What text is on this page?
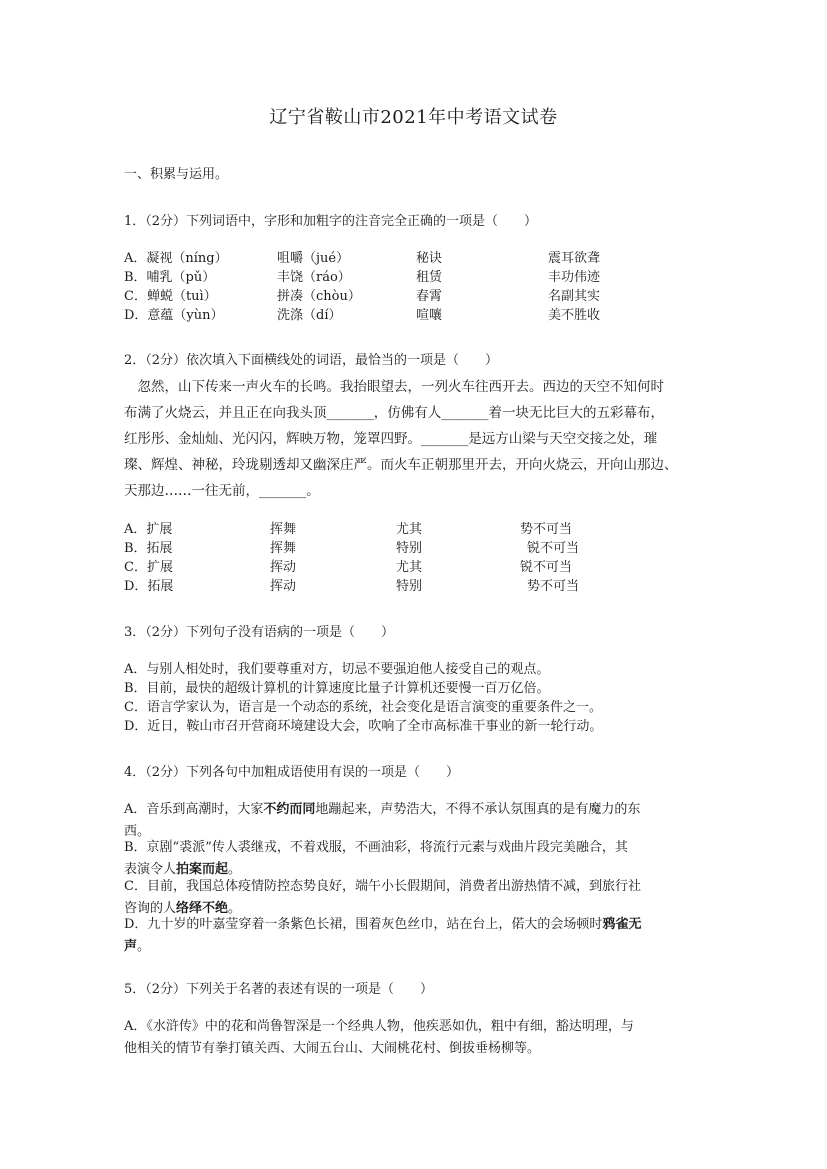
辽宁省鞍山市2021年中考语文试卷
一、积累与运用。
1．（2分）下列词语中，字形和加粗字的注音完全正确的一项是（　　）
A．凝视（níng）	咀嚼（jué）	秘诀	震耳欲聋
B．哺乳（pǔ）	丰饶（ráo）	租赁	丰功伟迹
C．蝉蜕（tuì）	拼凑（chòu）	春霄	名副其实
D．意蕴（yùn）	洗涤（dí）	喧嚷	美不胜收
2．（2分）依次填入下面横线处的词语，最恰当的一项是（　　）
　忽然，山下传来一声火车的长鸣。我抬眼望去，一列火车往西开去。西边的天空不知何时
布满了火烧云，并且正在向我头顶_______，仿佛有人_______着一块无比巨大的五彩幕布，
红彤彤、金灿灿、光闪闪，辉映万物，笼罩四野。_______是远方山梁与天空交接之处，璀
璨、辉煌、神秘，玲珑剔透却又幽深庄严。而火车正朝那里开去，开向火烧云，开向山那边、
天那边……一往无前，_______。
A．扩展	挥舞	尤其	势不可当
B．拓展	挥舞	特别	锐不可当
C．扩展	挥动	尤其	锐不可当
D．拓展	挥动	特别	势不可当
3．（2分）下列句子没有语病的一项是（　　）
A．与别人相处时，我们要尊重对方，切忌不要强迫他人接受自己的观点。
B．目前，最快的超级计算机的计算速度比量子计算机还要慢一百万亿倍。
C．语言学家认为，语言是一个动态的系统，社会变化是语言演变的重要条件之一。
D．近日，鞍山市召开营商环境建设大会，吹响了全市高标准干事业的新一轮行动。
4．（2分）下列各句中加粗成语使用有误的一项是（　　）
A．音乐到高潮时，大家不约而同地蹦起来，声势浩大，不得不承认氛围真的是有魔力的东
西。
B．京剧“裘派”传人裘继戎，不着戏服，不画油彩，将流行元素与戏曲片段完美融合，其
表演令人拍案而起。
C．目前，我国总体疫情防控态势良好，端午小长假期间，消费者出游热情不减，到旅行社
咨询的人络绎不绝。
D．九十岁的叶嘉莹穿着一条紫色长裙，围着灰色丝巾，站在台上，偌大的会场顿时鸦雀无
声。
5．（2分）下列关于名著的表述有误的一项是（　　）
A．《水浒传》中的花和尚鲁智深是一个经典人物，他疾恶如仇，粗中有细，豁达明理，与
他相关的情节有拳打镇关西、大闹五台山、大闹桃花村、倒拔垂杨柳等。
